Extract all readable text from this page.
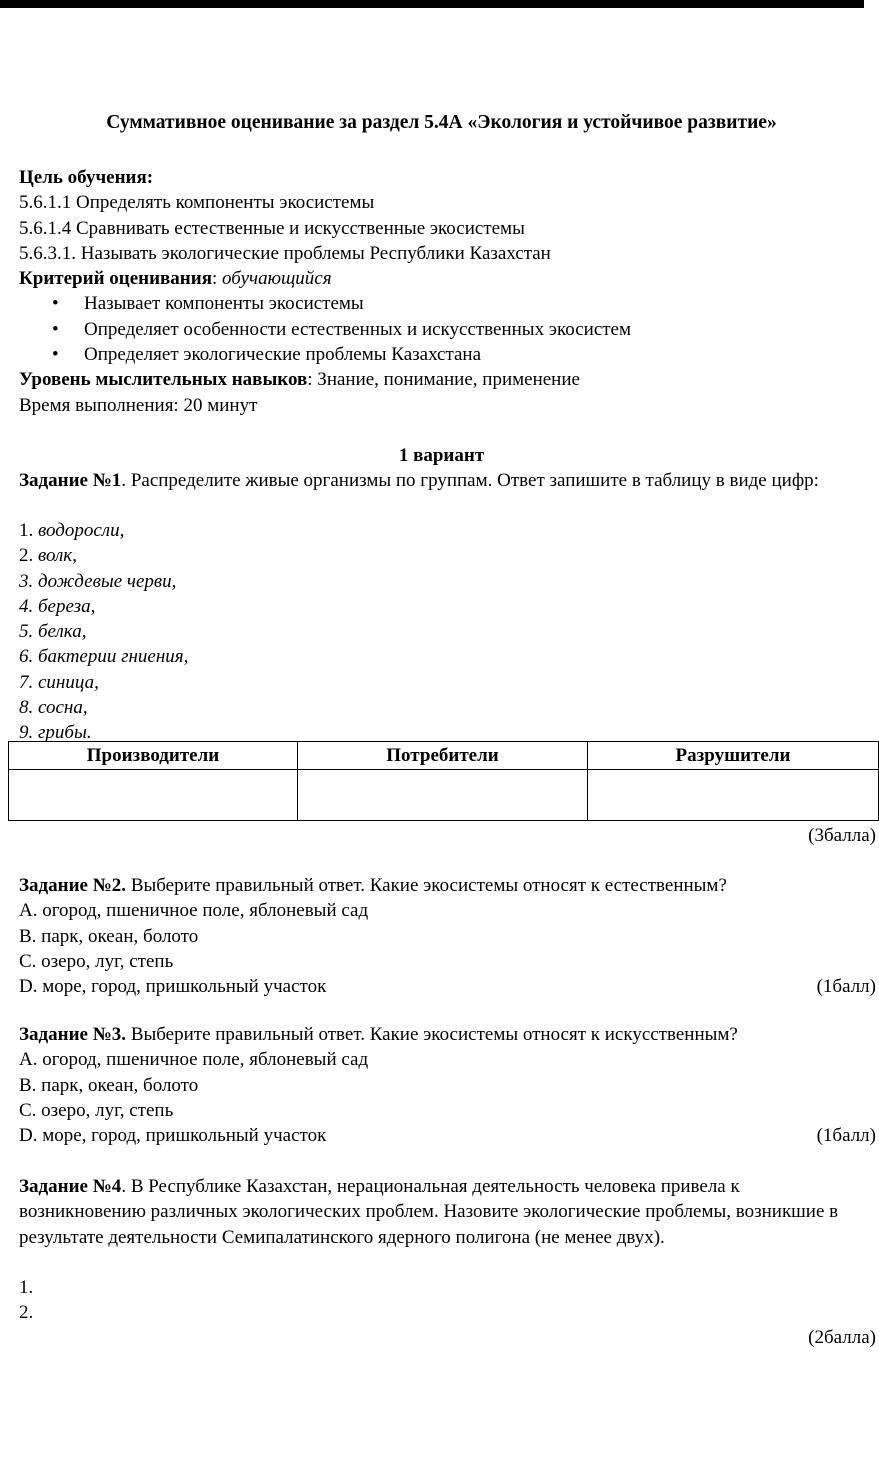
Суммативное оценивание за раздел 5.4А «Экология и устойчивое развитие»
Цель обучения:
5.6.1.1 Определять компоненты экосистемы
5.6.1.4 Сравнивать естественные и искусственные экосистемы
5.6.3.1. Называть экологические проблемы Республики Казахстан
Критерий оценивания: обучающийся
• Называет компоненты экосистемы
• Определяет особенности естественных и искусственных экосистем
• Определяет экологические проблемы Казахстана
Уровень мыслительных навыков: Знание, понимание, применение
Время выполнения: 20 минут
1 вариант
Задание №1. Распределите живые организмы по группам. Ответ запишите в таблицу в виде цифр:
1. водоросли,
2. волк,
3. дождевые черви,
4. береза,
5. белка,
6. бактерии гниения,
7. синица,
8. сосна,
9. грибы.
Производители	Потребители	Разрушители

(3балла)
Задание №2. Выберите правильный ответ. Какие экосистемы относят к естественным?
A. огород, пшеничное поле, яблоневый сад
B. парк, океан, болото
C. озеро, луг, степь
D. море, город, пришкольный участок	(1балл)
Задание №3. Выберите правильный ответ. Какие экосистемы относят к искусственным?
A. огород, пшеничное поле, яблоневый сад
B. парк, океан, болото
C. озеро, луг, степь
D. море, город, пришкольный участок	(1балл)
Задание №4. В Республике Казахстан, нерациональная деятельность человека привела к возникновению различных экологических проблем. Назовите экологические проблемы, возникшие в результате деятельности Семипалатинского ядерного полигона (не менее двух).
1.
2.
(2балла)
